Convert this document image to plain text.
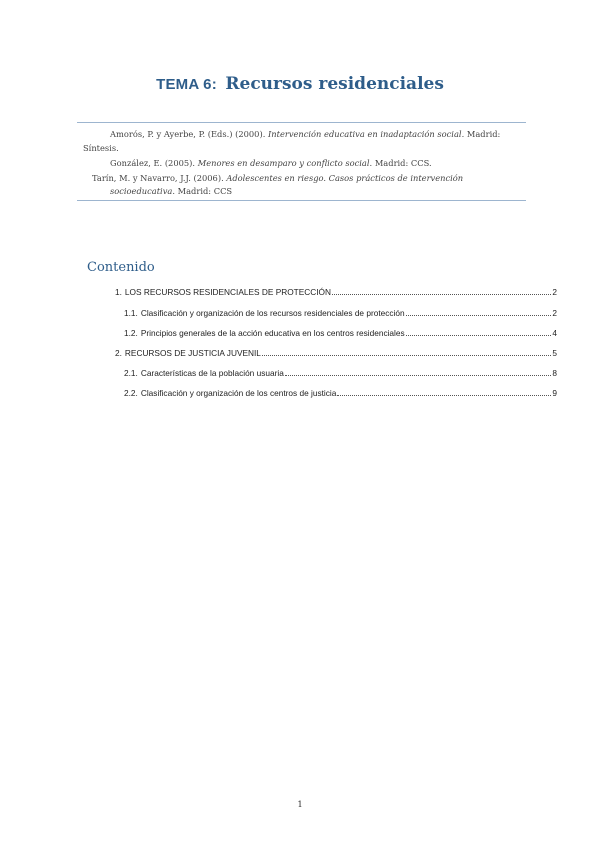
TEMA 6: Recursos residenciales
Amorós, P. y Ayerbe, P. (Eds.) (2000). Intervención educativa en inadaptación social. Madrid:
Síntesis.
González, E. (2005). Menores en desamparo y conflicto social. Madrid: CCS.
Tarín, M. y Navarro, J.J. (2006). Adolescentes en riesgo. Casos prácticos de intervención
socioeducativa. Madrid: CCS
Contenido
1. LOS RECURSOS RESIDENCIALES DE PROTECCIÓN	2
1.1. Clasificación y organización de los recursos residenciales de protección	2
1.2. Principios generales de la acción educativa en los centros residenciales	4
2. RECURSOS DE JUSTICIA JUVENIL	5
2.1. Características de la población usuaria	8
2.2. Clasificación y organización de los centros de justicia	9
1
